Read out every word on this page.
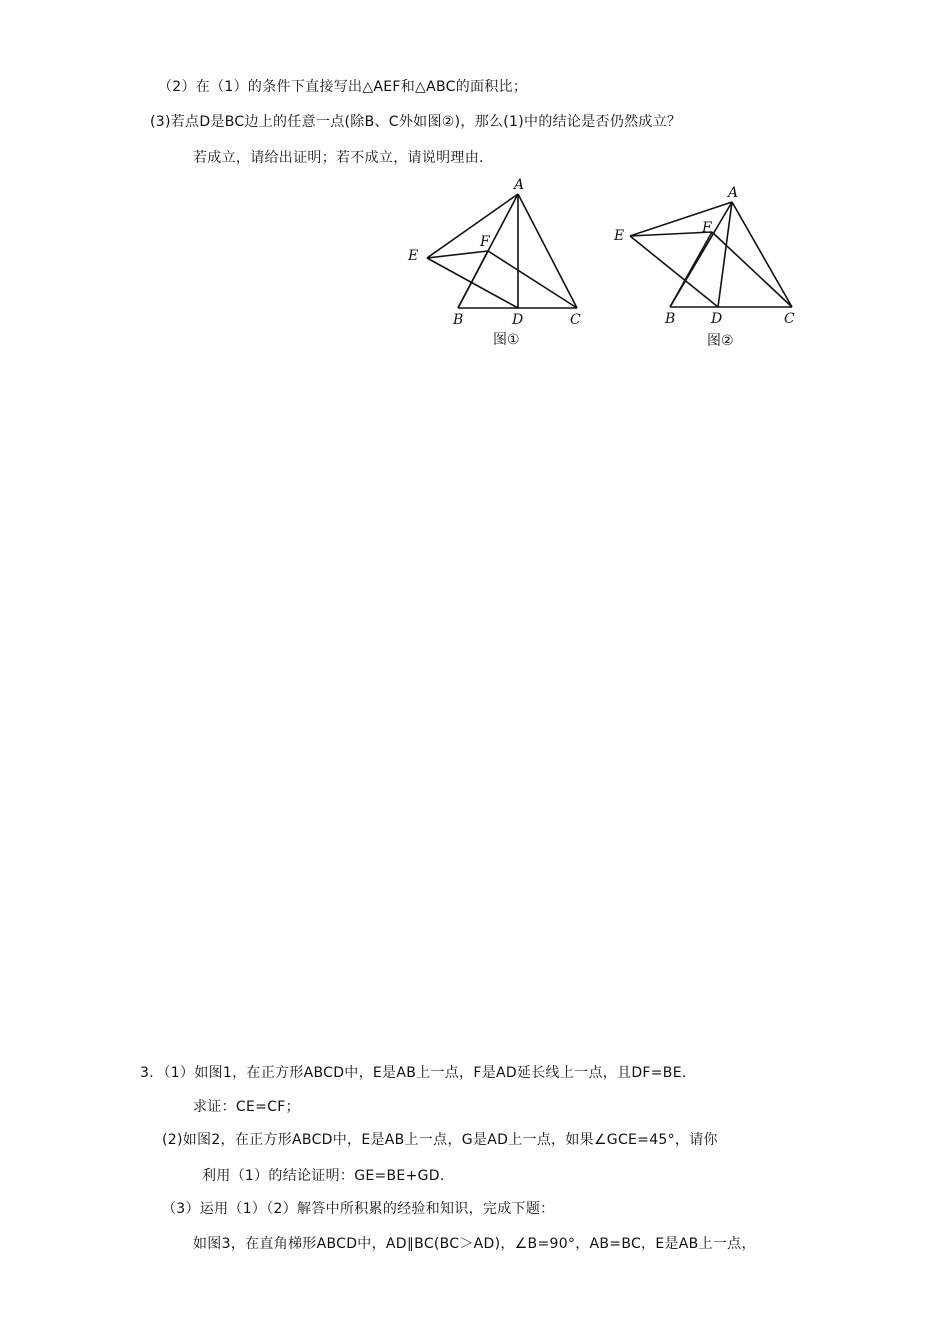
（2）在（1）的条件下直接写出△AEF和△ABC的面积比；
(3)若点D是BC边上的任意一点(除B、C外如图②)，那么(1)中的结论是否仍然成立？
若成立，请给出证明；若不成立，请说明理由.
A
E
F
B	D	C
图①
A
E	F
B	D	C
图②
3．（1）如图1，在正方形ABCD中，E是AB上一点，F是AD延长线上一点，且DF=BE.
求证：CE=CF；
(2)如图2，在正方形ABCD中，E是AB上一点，G是AD上一点，如果∠GCE=45°，请你
利用（1）的结论证明：GE=BE+GD.
（3）运用（1）（2）解答中所积累的经验和知识，完成下题：
如图3，在直角梯形ABCD中，AD∥BC(BC＞AD)，∠B=90°，AB=BC，E是AB上一点，
